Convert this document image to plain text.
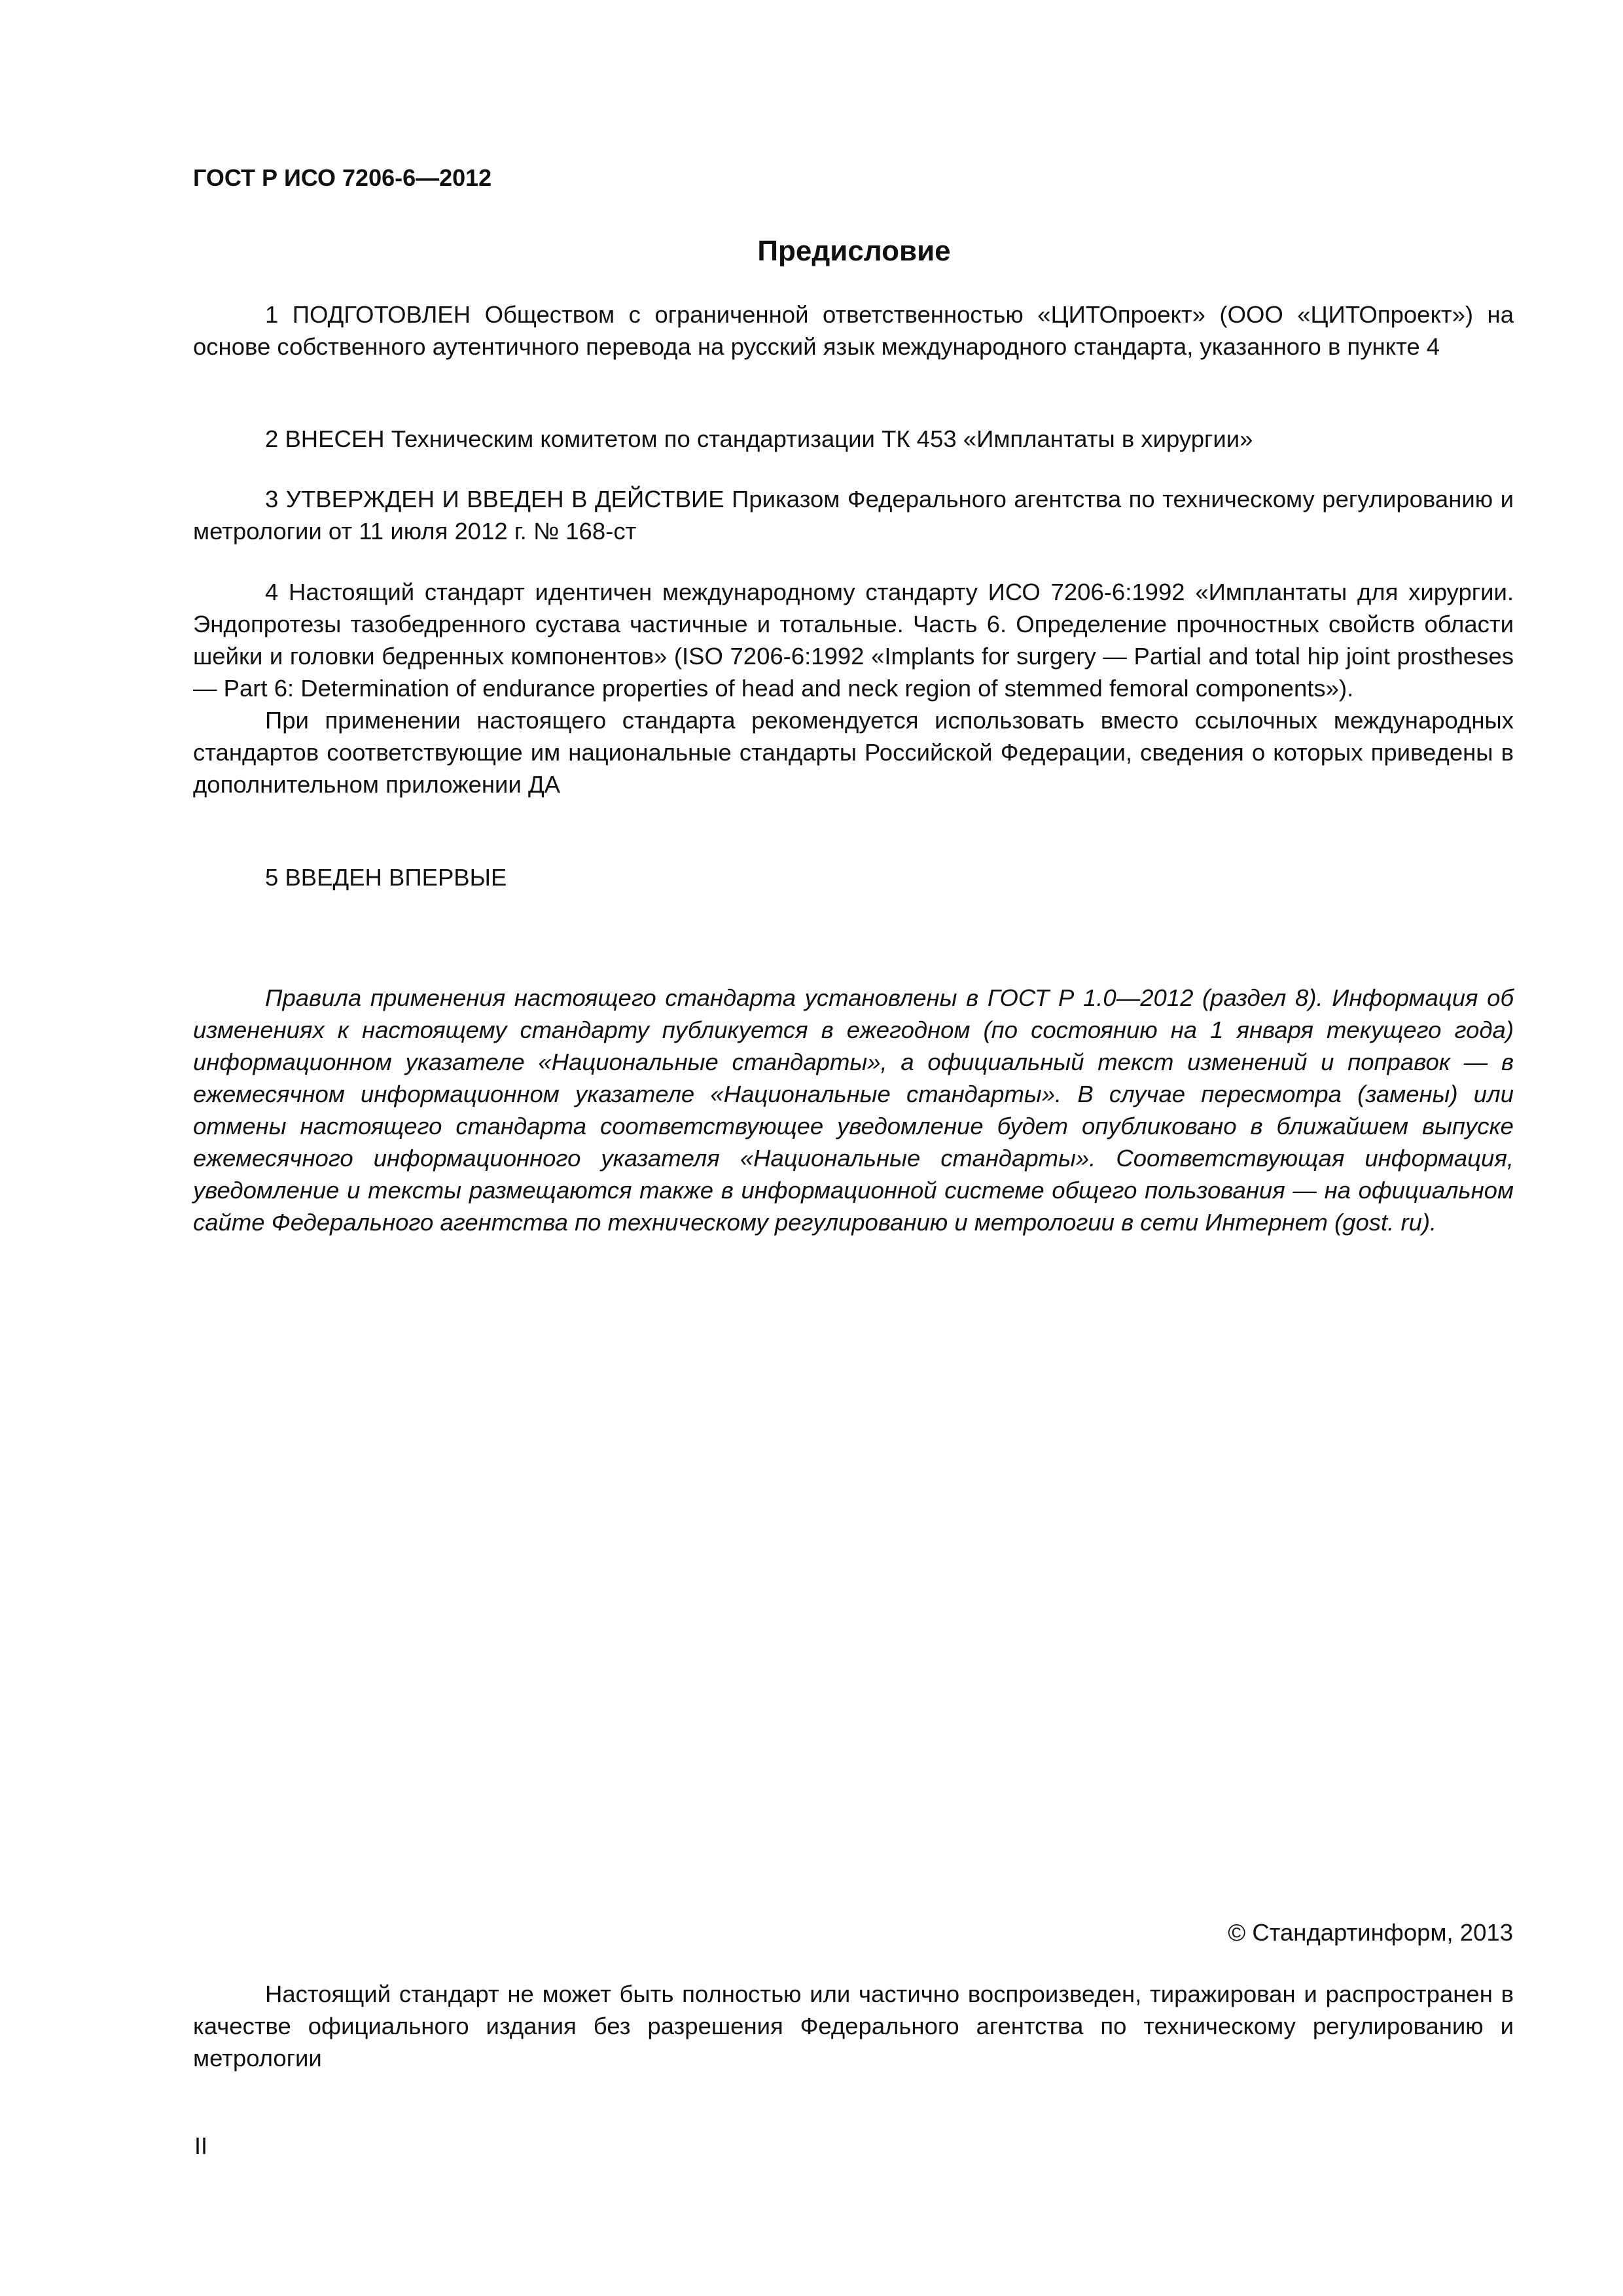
ГОСТ Р ИСО 7206-6—2012
Предисловие

1 ПОДГОТОВЛЕН Обществом с ограниченной ответственностью «ЦИТОпроект» (ООО «ЦИТОпроект») на основе собственного аутентичного перевода на русский язык международного стандарта, указанного в пункте 4

2 ВНЕСЕН Техническим комитетом по стандартизации ТК 453 «Имплантаты в хирургии»

3 УТВЕРЖДЕН И ВВЕДЕН В ДЕЙСТВИЕ Приказом Федерального агентства по техническому регулированию и метрологии от 11 июля 2012 г. № 168-ст

4 Настоящий стандарт идентичен международному стандарту ИСО 7206-6:1992 «Имплантаты для хирургии. Эндопротезы тазобедренного сустава частичные и тотальные. Часть 6. Определение прочностных свойств области шейки и головки бедренных компонентов» (ISO 7206-6:1992 «Implants for surgery — Partial and total hip joint prostheses — Part 6: Determination of endurance properties of head and neck region of stemmed femoral components»).

При применении настоящего стандарта рекомендуется использовать вместо ссылочных международных стандартов соответствующие им национальные стандарты Российской Федерации, сведения о которых приведены в дополнительном приложении ДА

5 ВВЕДЕН ВПЕРВЫЕ

Правила применения настоящего стандарта установлены в ГОСТ Р 1.0—2012 (раздел 8). Информация об изменениях к настоящему стандарту публикуется в ежегодном (по состоянию на 1 января текущего года) информационном указателе «Национальные стандарты», а официальный текст изменений и поправок — в ежемесячном информационном указателе «Национальные стандарты». В случае пересмотра (замены) или отмены настоящего стандарта соответствующее уведомление будет опубликовано в ближайшем выпуске ежемесячного информационного указателя «Национальные стандарты». Соответствующая информация, уведомление и тексты размещаются также в информационной системе общего пользования — на официальном сайте Федерального агентства по техническому регулированию и метрологии в сети Интернет (gost. ru).

© Стандартинформ, 2013

Настоящий стандарт не может быть полностью или частично воспроизведен, тиражирован и распространен в качестве официального издания без разрешения Федерального агентства по техническому регулированию и метрологии

II
